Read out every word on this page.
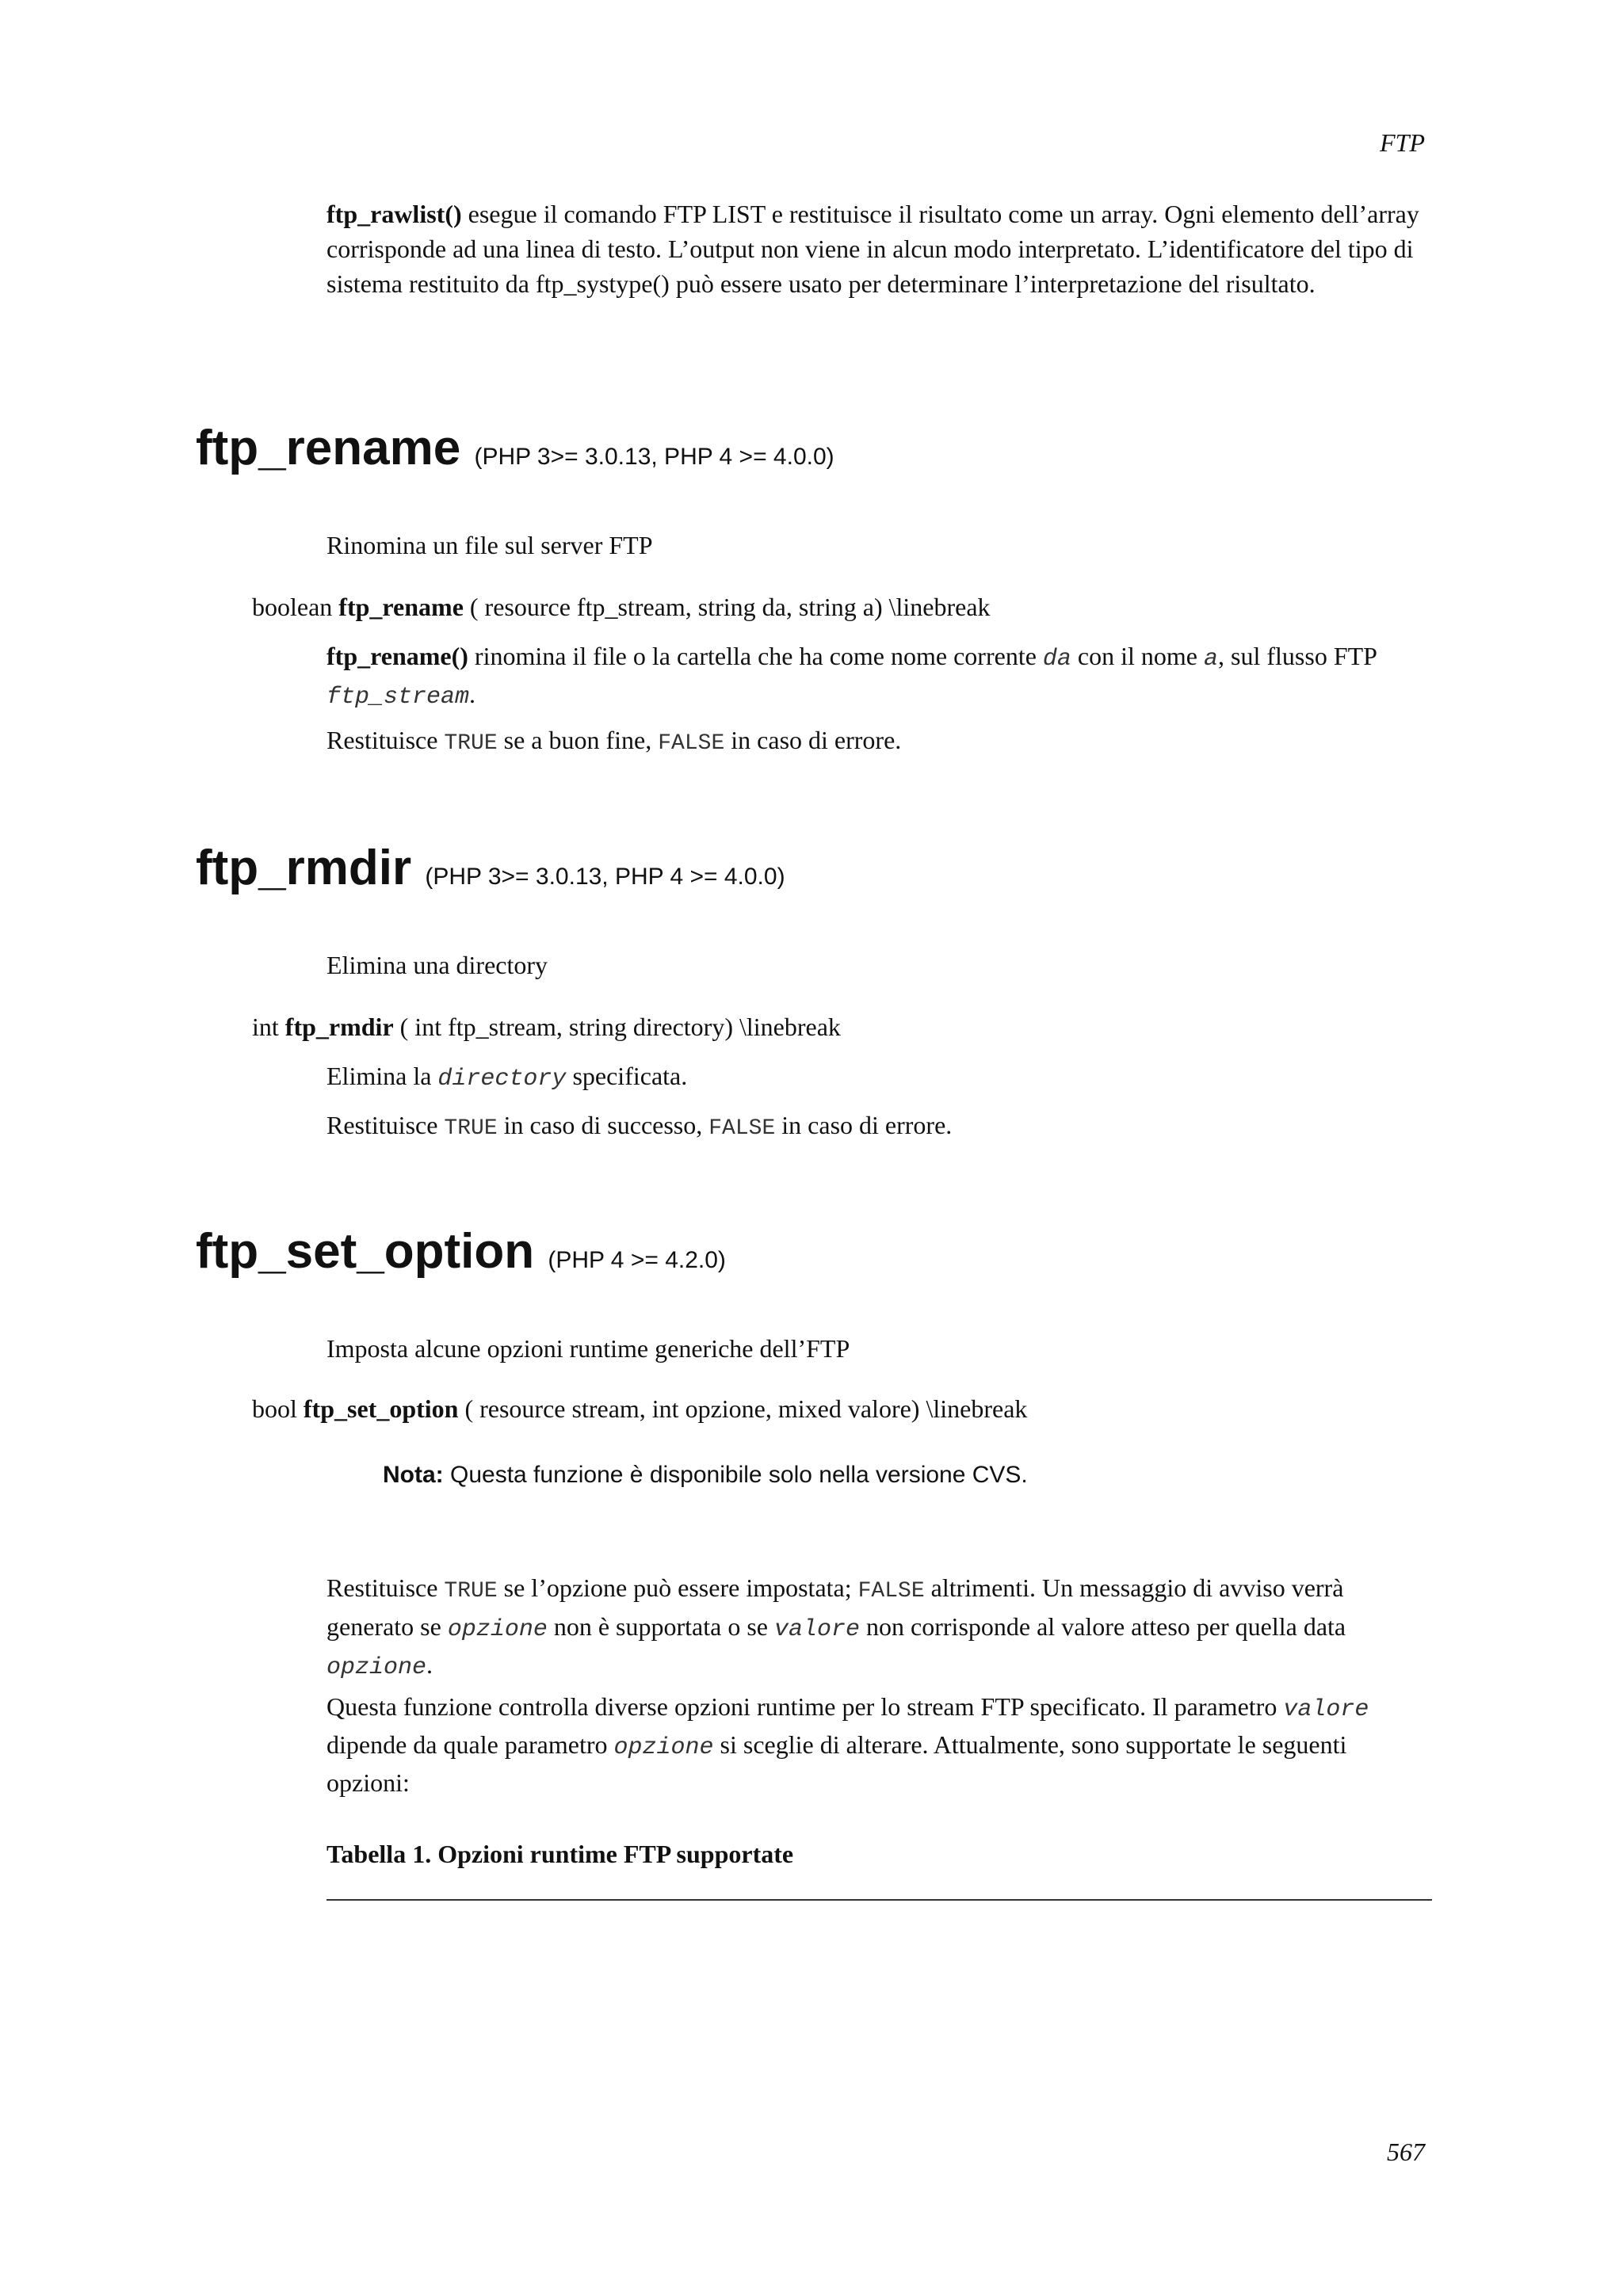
FTP

ftp_rawlist() esegue il comando FTP LIST e restituisce il risultato come un array. Ogni elemento dell’array corrisponde ad una linea di testo. L’output non viene in alcun modo interpretato. L’identificatore del tipo di sistema restituito da ftp_systype() può essere usato per determinare l’interpretazione del risultato.

ftp_rename (PHP 3>= 3.0.13, PHP 4 >= 4.0.0)

Rinomina un file sul server FTP

boolean ftp_rename ( resource ftp_stream, string da, string a) \linebreak

ftp_rename() rinomina il file o la cartella che ha come nome corrente da con il nome a, sul flusso FTP ftp_stream.

Restituisce TRUE se a buon fine, FALSE in caso di errore.

ftp_rmdir (PHP 3>= 3.0.13, PHP 4 >= 4.0.0)

Elimina una directory

int ftp_rmdir ( int ftp_stream, string directory) \linebreak

Elimina la directory specificata.

Restituisce TRUE in caso di successo, FALSE in caso di errore.

ftp_set_option (PHP 4 >= 4.2.0)

Imposta alcune opzioni runtime generiche dell’FTP

bool ftp_set_option ( resource stream, int opzione, mixed valore) \linebreak
Nota: Questa funzione è disponibile solo nella versione CVS.

Restituisce TRUE se l’opzione può essere impostata; FALSE altrimenti. Un messaggio di avviso verrà generato se opzione non è supportata o se valore non corrisponde al valore atteso per quella data opzione.

Questa funzione controlla diverse opzioni runtime per lo stream FTP specificato. Il parametro valore dipende da quale parametro opzione si sceglie di alterare. Attualmente, sono supportate le seguenti opzioni:

Tabella 1. Opzioni runtime FTP supportate
567
